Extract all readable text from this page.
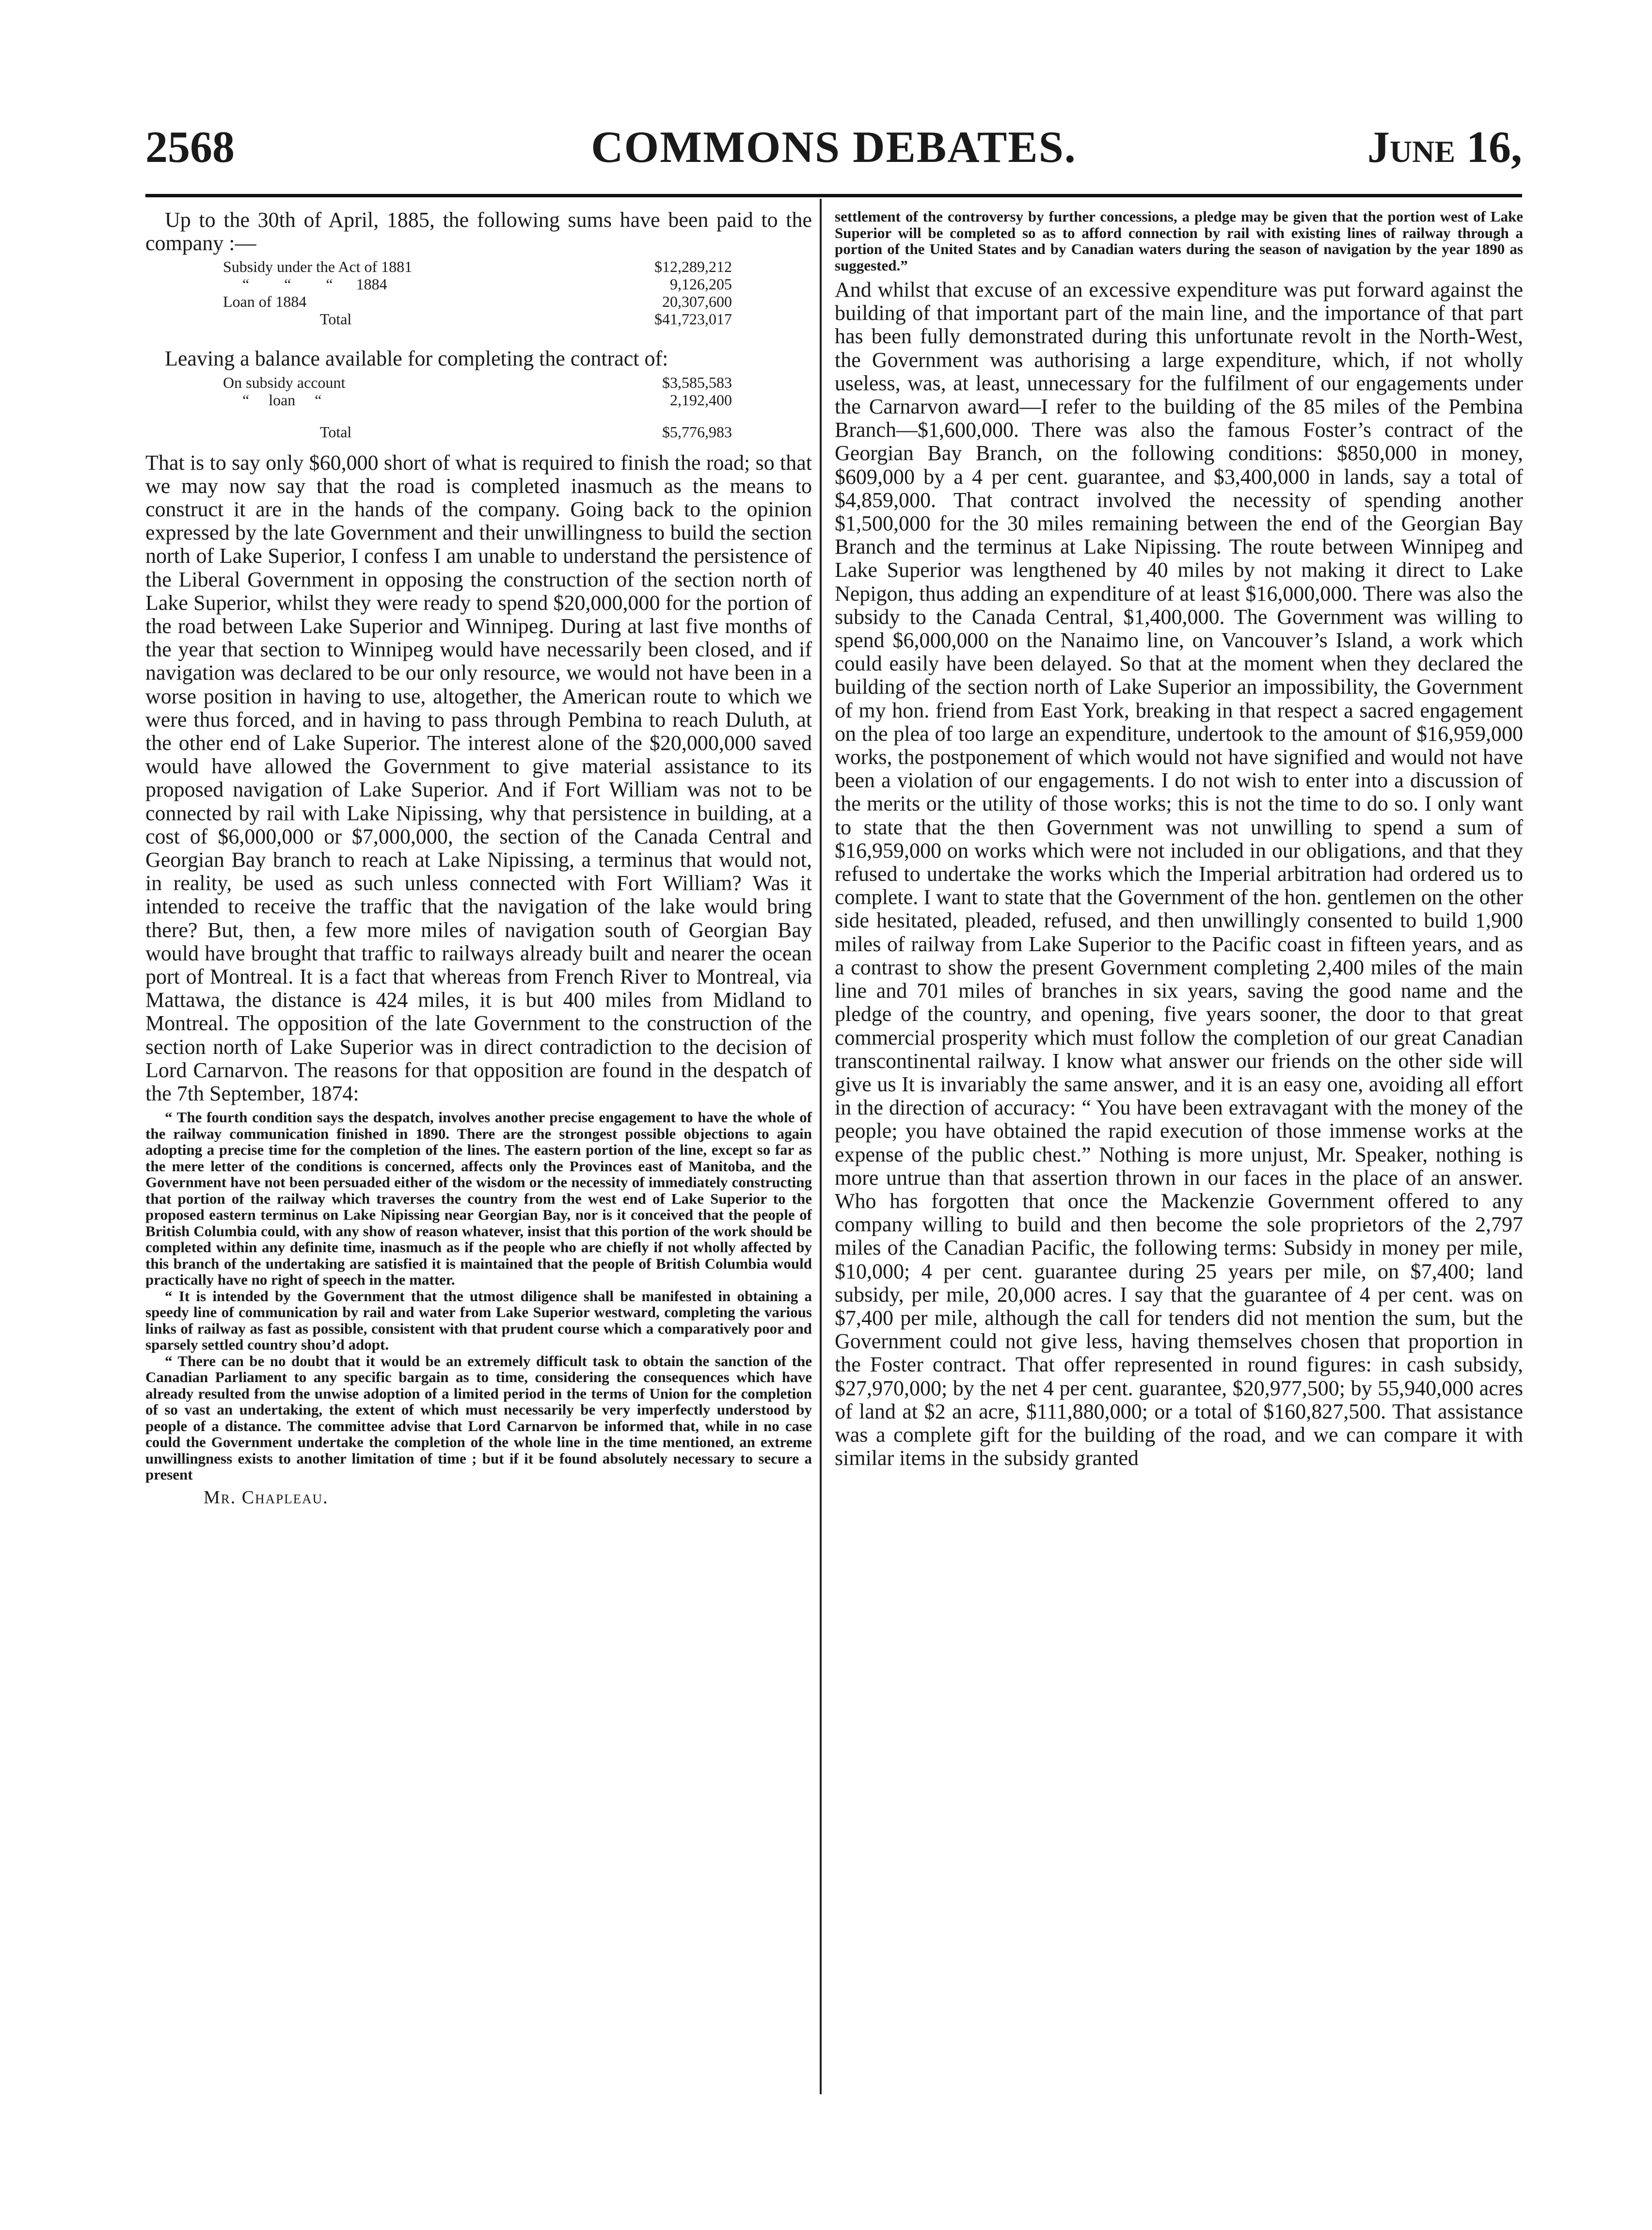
2568	COMMONS DEBATES.	June 16,

Up to the 30th of April, 1885, the following sums have been paid to the company :—

Subsidy under the Act of 1881	$12,289,212
“   “   “   1884	9,126,205
Loan of 1884	20,307,600
Total	$41,723,017

Leaving a balance available for completing the contract of:

On subsidy account	$3,585,583
“  loan  “	2,192,400
Total	$5,776,983

That is to say only $60,000 short of what is required to finish the road; so that we may now say that the road is completed inasmuch as the means to construct it are in the hands of the company. Going back to the opinion expressed by the late Government and their unwillingness to build the section north of Lake Superior, I confess I am unable to understand the persistence of the Liberal Government in opposing the construction of the section north of Lake Superior, whilst they were ready to spend $20,000,000 for the portion of the road between Lake Superior and Winnipeg. During at last five months of the year that section to Winnipeg would have necessarily been closed, and if navigation was declared to be our only resource, we would not have been in a worse position in having to use, altogether, the American route to which we were thus forced, and in having to pass through Pembina to reach Duluth, at the other end of Lake Superior. The interest alone of the $20,000,000 saved would have allowed the Government to give material assistance to its proposed navigation of Lake Superior. And if Fort William was not to be connected by rail with Lake Nipissing, why that persistence in building, at a cost of $6,000,000 or $7,000,000, the section of the Canada Central and Georgian Bay branch to reach at Lake Nipissing, a terminus that would not, in reality, be used as such unless connected with Fort William? Was it intended to receive the traffic that the navigation of the lake would bring there? But, then, a few more miles of navigation south of Georgian Bay would have brought that traffic to railways already built and nearer the ocean port of Montreal. It is a fact that whereas from French River to Montreal, via Mattawa, the distance is 424 miles, it is but 400 miles from Midland to Montreal. The opposition of the late Government to the construction of the section north of Lake Superior was in direct contradiction to the decision of Lord Carnarvon. The reasons for that opposition are found in the despatch of the 7th September, 1874:

“ The fourth condition says the despatch, involves another precise engagement to have the whole of the railway communication finished in 1890. There are the strongest possible objections to again adopting a precise time for the completion of the lines. The eastern portion of the line, except so far as the mere letter of the conditions is concerned, affects only the Provinces east of Manitoba, and the Government have not been persuaded either of the wisdom or the necessity of immediately constructing that portion of the railway which traverses the country from the west end of Lake Superior to the proposed eastern terminus on Lake Nipissing near Georgian Bay, nor is it conceived that the people of British Columbia could, with any show of reason whatever, insist that this portion of the work should be completed within any definite time, inasmuch as if the people who are chiefly if not wholly affected by this branch of the undertaking are satisfied it is maintained that the people of British Columbia would practically have no right of speech in the matter.

“ It is intended by the Government that the utmost diligence shall be manifested in obtaining a speedy line of communication by rail and water from Lake Superior westward, completing the various links of railway as fast as possible, consistent with that prudent course which a comparatively poor and sparsely settled country shou’d adopt.

“ There can be no doubt that it would be an extremely difficult task to obtain the sanction of the Canadian Parliament to any specific bargain as to time, considering the consequences which have already resulted from the unwise adoption of a limited period in the terms of Union for the completion of so vast an undertaking, the extent of which must necessarily be very imperfectly understood by people of a distance. The committee advise that Lord Carnarvon be informed that, while in no case could the Government undertake the completion of the whole line in the time mentioned, an extreme unwillingness exists to another limitation of time ; but if it be found absolutely necessary to secure a present

Mr. Chapleau.

settlement of the controversy by further concessions, a pledge may be given that the portion west of Lake Superior will be completed so as to afford connection by rail with existing lines of railway through a portion of the United States and by Canadian waters during the season of navigation by the year 1890 as suggested.”

And whilst that excuse of an excessive expenditure was put forward against the building of that important part of the main line, and the importance of that part has been fully demonstrated during this unfortunate revolt in the North-West, the Government was authorising a large expenditure, which, if not wholly useless, was, at least, unnecessary for the fulfilment of our engagements under the Carnarvon award—I refer to the building of the 85 miles of the Pembina Branch—$1,600,000. There was also the famous Foster’s contract of the Georgian Bay Branch, on the following conditions: $850,000 in money, $609,000 by a 4 per cent. guarantee, and $3,400,000 in lands, say a total of $4,859,000. That contract involved the necessity of spending another $1,500,000 for the 30 miles remaining between the end of the Georgian Bay Branch and the terminus at Lake Nipissing. The route between Winnipeg and Lake Superior was lengthened by 40 miles by not making it direct to Lake Nepigon, thus adding an expenditure of at least $16,000,000. There was also the subsidy to the Canada Central, $1,400,000. The Government was willing to spend $6,000,000 on the Nanaimo line, on Vancouver’s Island, a work which could easily have been delayed. So that at the moment when they declared the building of the section north of Lake Superior an impossibility, the Government of my hon. friend from East York, breaking in that respect a sacred engagement on the plea of too large an expenditure, undertook to the amount of $16,959,000 works, the postponement of which would not have signified and would not have been a violation of our engagements. I do not wish to enter into a discussion of the merits or the utility of those works; this is not the time to do so. I only want to state that the then Government was not unwilling to spend a sum of $16,959,000 on works which were not included in our obligations, and that they refused to undertake the works which the Imperial arbitration had ordered us to complete. I want to state that the Government of the hon. gentlemen on the other side hesitated, pleaded, refused, and then unwillingly consented to build 1,900 miles of railway from Lake Superior to the Pacific coast in fifteen years, and as a contrast to show the present Government completing 2,400 miles of the main line and 701 miles of branches in six years, saving the good name and the pledge of the country, and opening, five years sooner, the door to that great commercial prosperity which must follow the completion of our great Canadian transcontinental railway. I know what answer our friends on the other side will give us It is invariably the same answer, and it is an easy one, avoiding all effort in the direction of accuracy: “ You have been extravagant with the money of the people; you have obtained the rapid execution of those immense works at the expense of the public chest.” Nothing is more unjust, Mr. Speaker, nothing is more untrue than that assertion thrown in our faces in the place of an answer. Who has forgotten that once the Mackenzie Government offered to any company willing to build and then become the sole proprietors of the 2,797 miles of the Canadian Pacific, the following terms: Subsidy in money per mile, $10,000; 4 per cent. guarantee during 25 years per mile, on $7,400; land subsidy, per mile, 20,000 acres. I say that the guarantee of 4 per cent. was on $7,400 per mile, although the call for tenders did not mention the sum, but the Government could not give less, having themselves chosen that proportion in the Foster contract. That offer represented in round figures: in cash subsidy, $27,970,000; by the net 4 per cent. guarantee, $20,977,500; by 55,940,000 acres of land at $2 an acre, $111,880,000; or a total of $160,827,500. That assistance was a complete gift for the building of the road, and we can compare it with similar items in the subsidy granted
